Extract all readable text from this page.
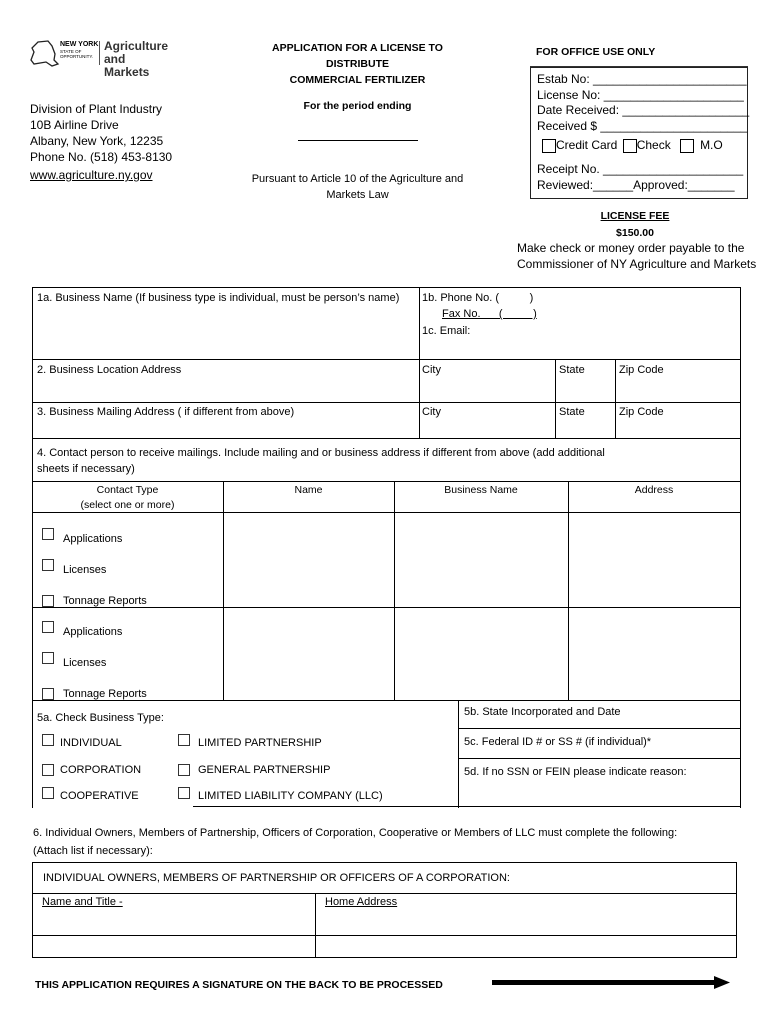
NEW YORK
STATE OF
OPPORTUNITY.
Agriculture
and Markets
Division of Plant Industry
10B Airline Drive
Albany, New York, 12235
Phone No. (518) 453-8130
www.agriculture.ny.gov
APPLICATION FOR A LICENSE TO
DISTRIBUTE
COMMERCIAL FERTILIZER
For the period ending
Pursuant to Article 10 of the Agriculture and
Markets Law
FOR OFFICE USE ONLY
Estab No: _______________________
License No: _____________________
Date Received: ___________________
Received $ ______________________
Credit Card Check M.O
Receipt No. _____________________
Reviewed:______Approved:_______
LICENSE FEE
$150.00
Make check or money order payable to the
Commissioner of NY Agriculture and Markets
1a. Business Name (If business type is individual, must be person’s name) 1b. Phone No. (          )
Fax No.      (          )
1c. Email:
2. Business Location Address	City	State	Zip Code
3. Business Mailing Address ( if different from above)	City	State	Zip Code
4. Contact person to receive mailings. Include mailing and or business address if different from above (add additional
sheets if necessary)
Contact Type
(select one or more)
Name	Business Name	Address
Applications
Licenses
Tonnage Reports
Applications
Licenses
Tonnage Reports
5a. Check Business Type:
INDIVIDUAL	LIMITED PARTNERSHIP
CORPORATION	GENERAL PARTNERSHIP
COOPERATIVE	LIMITED LIABILITY COMPANY (LLC)
5b. State Incorporated and Date
5c. Federal ID # or SS # (if individual)*
5d. If no SSN or FEIN please indicate reason:
6. Individual Owners, Members of Partnership, Officers of Corporation, Cooperative or Members of LLC must complete the following:
(Attach list if necessary):
INDIVIDUAL OWNERS, MEMBERS OF PARTNERSHIP OR OFFICERS OF A CORPORATION:
Name and Title -	Home Address
THIS APPLICATION REQUIRES A SIGNATURE ON THE BACK TO BE PROCESSED
